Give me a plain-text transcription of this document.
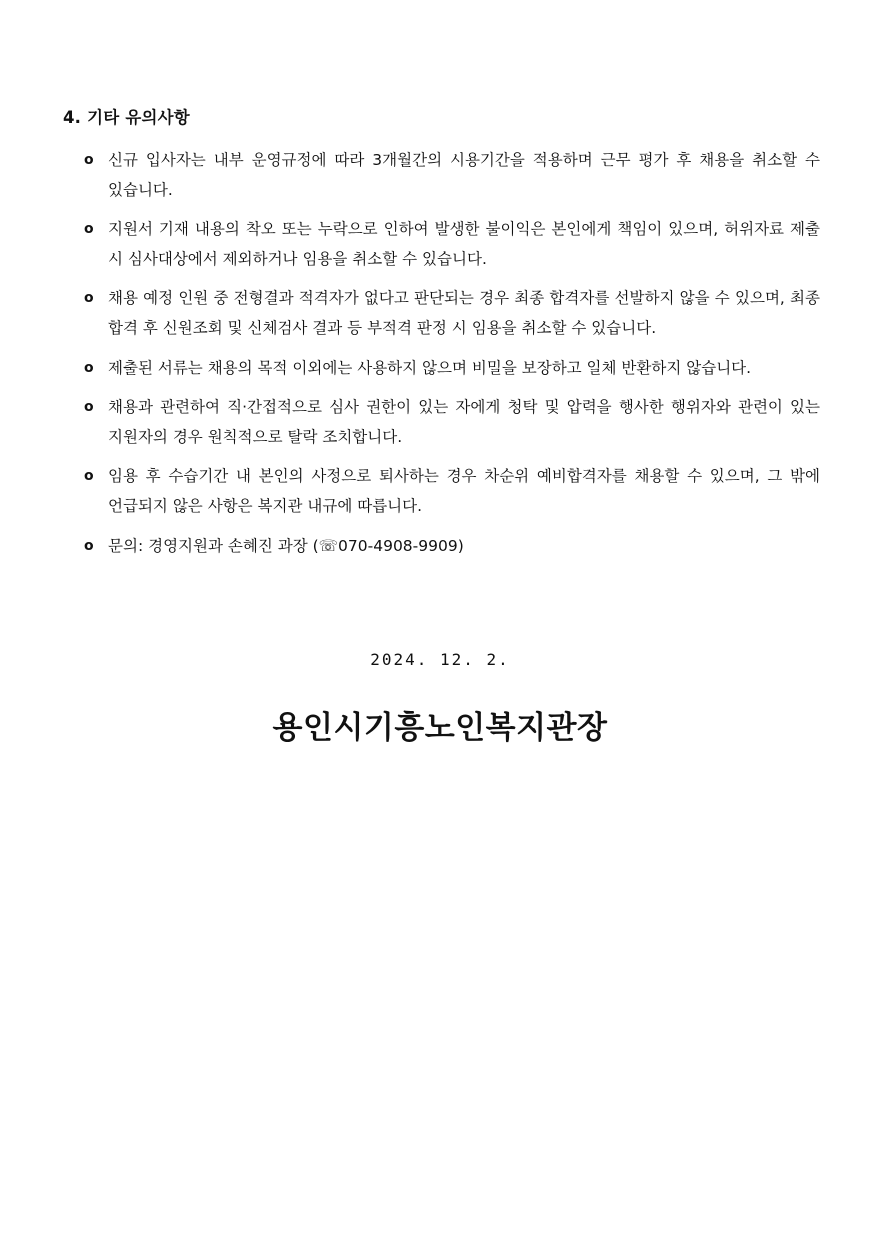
4. 기타 유의사항
o 신규 입사자는 내부 운영규정에 따라 3개월간의 시용기간을 적용하며 근무 평가 후 채용을 취소할 수 있습니다.
o 지원서 기재 내용의 착오 또는 누락으로 인하여 발생한 불이익은 본인에게 책임이 있으며, 허위자료 제출 시 심사대상에서 제외하거나 임용을 취소할 수 있습니다.
o 채용 예정 인원 중 전형결과 적격자가 없다고 판단되는 경우 최종 합격자를 선발하지 않을 수 있으며, 최종 합격 후 신원조회 및 신체검사 결과 등 부적격 판정 시 임용을 취소할 수 있습니다.
o 제출된 서류는 채용의 목적 이외에는 사용하지 않으며 비밀을 보장하고 일체 반환하지 않습니다.
o 채용과 관련하여 직·간접적으로 심사 권한이 있는 자에게 청탁 및 압력을 행사한 행위자와 관련이 있는 지원자의 경우 원칙적으로 탈락 조치합니다.
o 임용 후 수습기간 내 본인의 사정으로 퇴사하는 경우 차순위 예비합격자를 채용할 수 있으며, 그 밖에 언급되지 않은 사항은 복지관 내규에 따릅니다.
o 문의: 경영지원과 손혜진 과장 (☏070-4908-9909)
2024. 12. 2.
용인시기흥노인복지관장
